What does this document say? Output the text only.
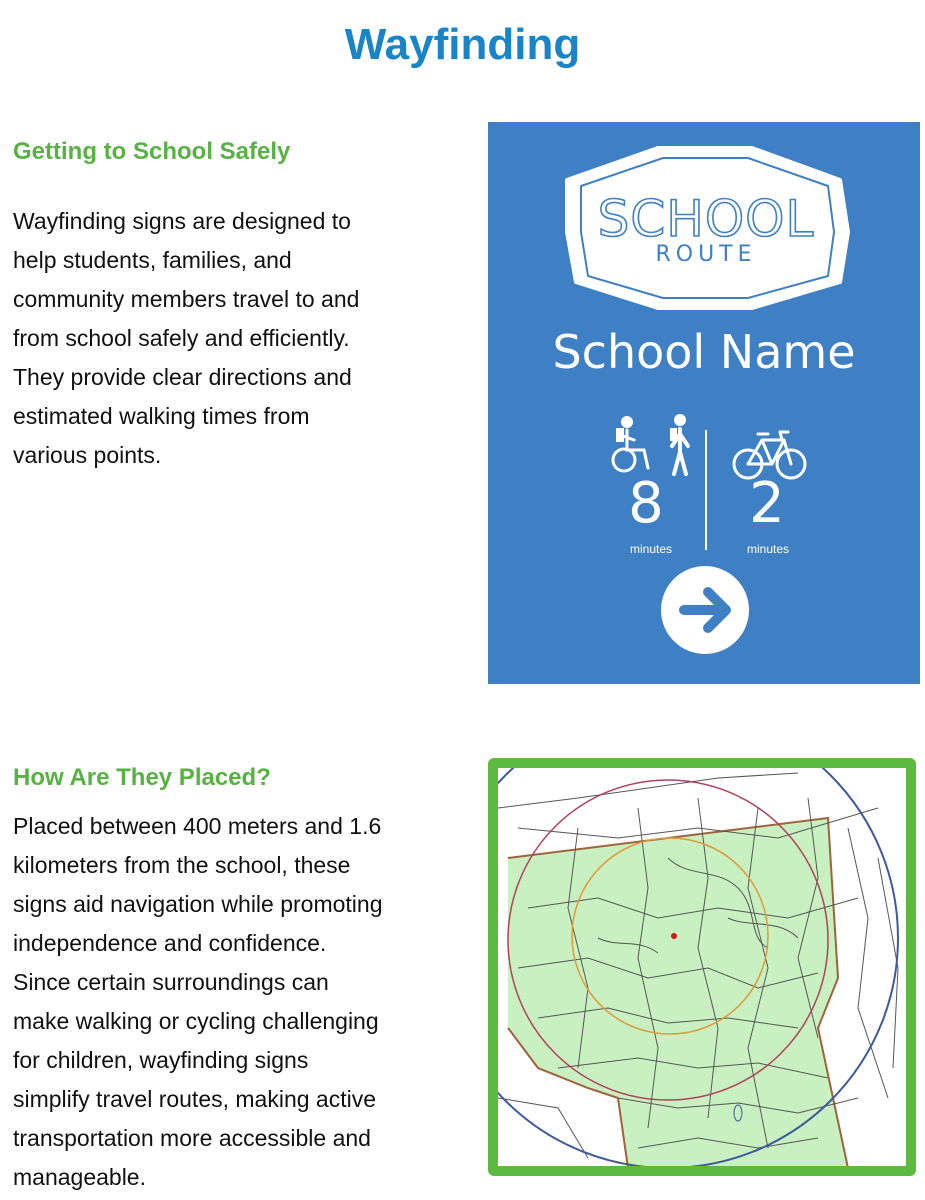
Wayfinding
Getting to School Safely
Wayfinding signs are designed to
help students, families, and
community members travel to and
from school safely and efficiently.
They provide clear directions and
estimated walking times from
various points.
SCHOOL
ROUTE
School Name
8 2
minutes	minutes
How Are They Placed?
Placed between 400 meters and 1.6
kilometers from the school, these
signs aid navigation while promoting
independence and confidence.
Since certain surroundings can
make walking or cycling challenging
for children, wayfinding signs
simplify travel routes, making active
transportation more accessible and
manageable.
